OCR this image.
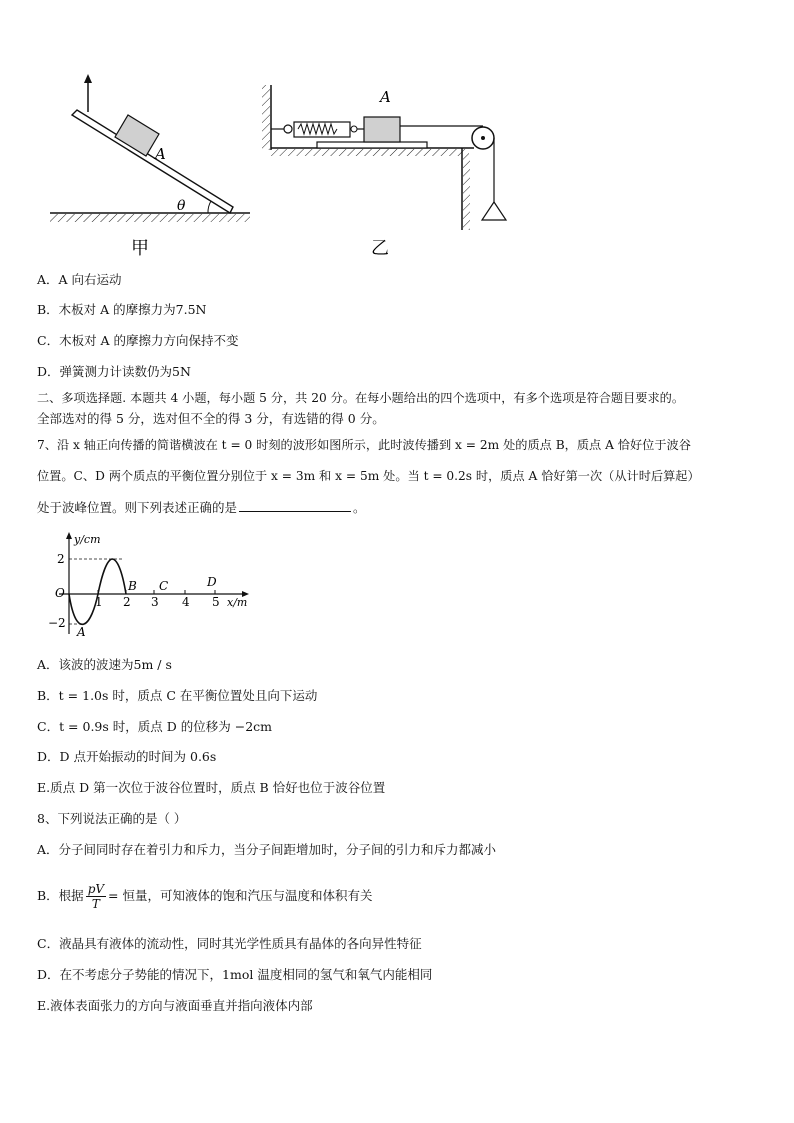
A
θ
甲
A
乙
A．A 向右运动
B．木板对 A 的摩擦力为7.5N
C．木板对 A 的摩擦力方向保持不变
D．弹簧测力计读数仍为5N
二、多项选择题. 本题共 4 小题，每小题 5 分，共 20 分。在每小题给出的四个选项中，有多个选项是符合题目要求的。
全部选对的得 5 分，选对但不全的得 3 分，有选错的得 0 分。
7、沿 x 轴正向传播的简谐横波在 t = 0 时刻的波形如图所示，此时波传播到 x = 2m 处的质点 B，质点 A 恰好位于波谷
位置。C、D 两个质点的平衡位置分别位于 x = 3m 和 x = 5m 处。当 t = 0.2s 时，质点 A 恰好第一次（从计时后算起）
处于波峰位置。则下列表述正确的是	。
y/cm
x/m
O
2
−2
1 2 3 4 5
A
B C	D
A．该波的波速为5m / s
B．t = 1.0s 时，质点 C 在平衡位置处且向下运动
C．t = 0.9s 时，质点 D 的位移为 −2cm
D．D 点开始振动的时间为 0.6s
E.质点 D 第一次位于波谷位置时，质点 B 恰好也位于波谷位置
8、下列说法正确的是（ ）
A．分子间同时存在着引力和斥力，当分子间距增加时，分子间的引力和斥力都减小
B．根据 $\frac{pV}{T}$ = 恒量，可知液体的饱和汽压与温度和体积有关
C．液晶具有液体的流动性，同时其光学性质具有晶体的各向异性特征
D．在不考虑分子势能的情况下，1mol 温度相同的氢气和氧气内能相同
E.液体表面张力的方向与液面垂直并指向液体内部
